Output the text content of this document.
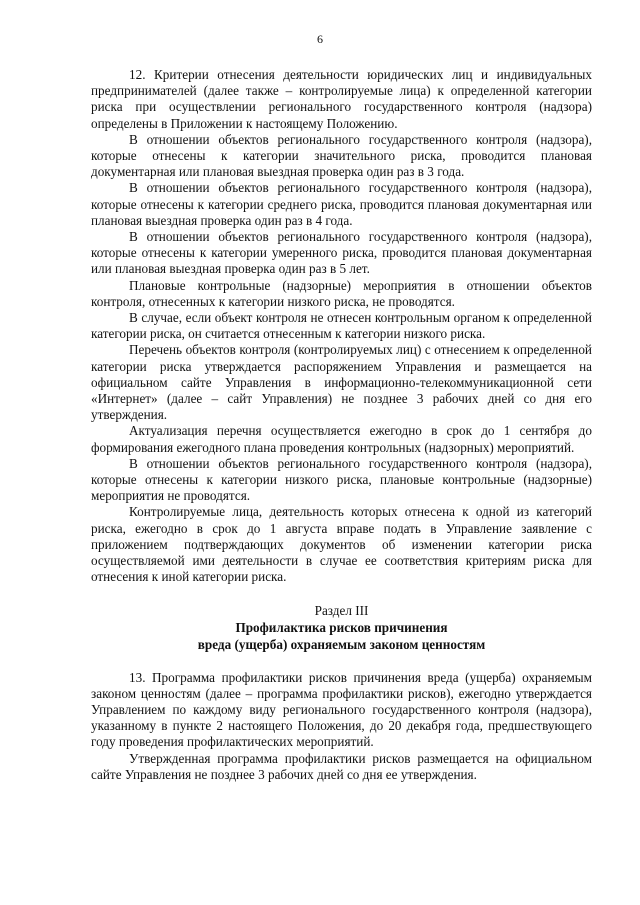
6

12. Критерии отнесения деятельности юридических лиц и индивидуальных предпринимателей (далее также – контролируемые лица) к определенной категории риска при осуществлении регионального государственного контроля (надзора) определены в Приложении к настоящему Положению.

В отношении объектов регионального государственного контроля (надзора), которые отнесены к категории значительного риска, проводится плановая документарная или плановая выездная проверка один раз в 3 года.

В отношении объектов регионального государственного контроля (надзора), которые отнесены к категории среднего риска, проводится плановая документарная или плановая выездная проверка один раз в 4 года.

В отношении объектов регионального государственного контроля (надзора), которые отнесены к категории умеренного риска, проводится плановая документарная или плановая выездная проверка один раз в 5 лет.

Плановые контрольные (надзорные) мероприятия в отношении объектов контроля, отнесенных к категории низкого риска, не проводятся.

В случае, если объект контроля не отнесен контрольным органом к определенной категории риска, он считается отнесенным к категории низкого риска.

Перечень объектов контроля (контролируемых лиц) с отнесением к определенной категории риска утверждается распоряжением Управления и размещается на официальном сайте Управления в информационно-телекоммуникационной сети «Интернет» (далее – сайт Управления) не позднее 3 рабочих дней со дня его утверждения.

Актуализация перечня осуществляется ежегодно в срок до 1 сентября до формирования ежегодного плана проведения контрольных (надзорных) мероприятий.

В отношении объектов регионального государственного контроля (надзора), которые отнесены к категории низкого риска, плановые контрольные (надзорные) мероприятия не проводятся.

Контролируемые лица, деятельность которых отнесена к одной из категорий риска, ежегодно в срок до 1 августа вправе подать в Управление заявление с приложением подтверждающих документов об изменении категории риска осуществляемой ими деятельности в случае ее соответствия критериям риска для отнесения к иной категории риска.

Раздел III
Профилактика рисков причинения
вреда (ущерба) охраняемым законом ценностям

13. Программа профилактики рисков причинения вреда (ущерба) охраняемым законом ценностям (далее – программа профилактики рисков), ежегодно утверждается Управлением по каждому виду регионального государственного контроля (надзора), указанному в пункте 2 настоящего Положения, до 20 декабря года, предшествующего году проведения профилактических мероприятий.

Утвержденная программа профилактики рисков размещается на официальном сайте Управления не позднее 3 рабочих дней со дня ее утверждения.
